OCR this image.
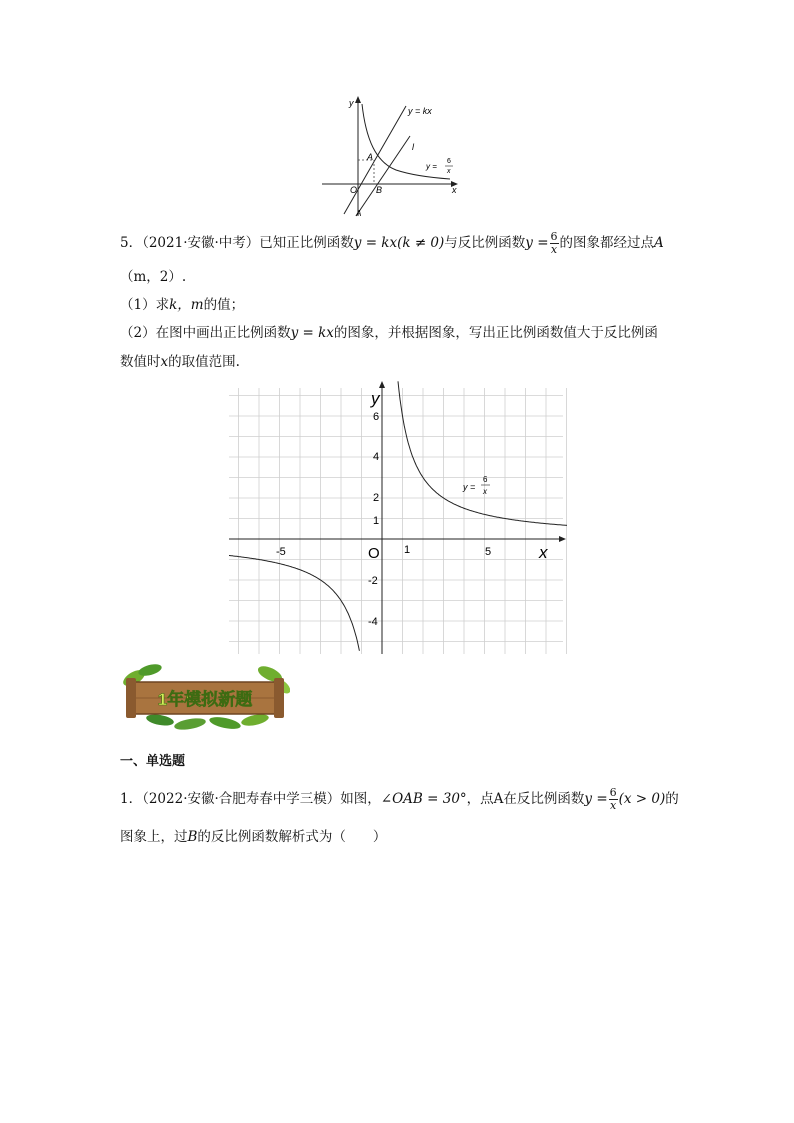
y
x
y = kx
l
y =
6
x
A
O B
A
5．（2021·安徽·中考）已知正比例函数y = kx(k ≠ 0)与反比例函数$y = \frac{6}{x}$ 的图象都经过点A
（m，2）.
（1）求k，m的值；
（2）在图中画出正比例函数y = kx的图象，并根据图象，写出正比例函数值大于反比例函
数值时x的取值范围.
y
x
O
6
4
2
1
-2
-4
-5	1	5
y =
6
x
1年模拟新题
一、单选题
1．（2022·安徽·合肥寿春中学三模）如图，∠OAB = 30°，点A在反比例函数$y = \frac{6}{x} (x > 0)$的
图象上，过B的反比例函数解析式为（　　）
